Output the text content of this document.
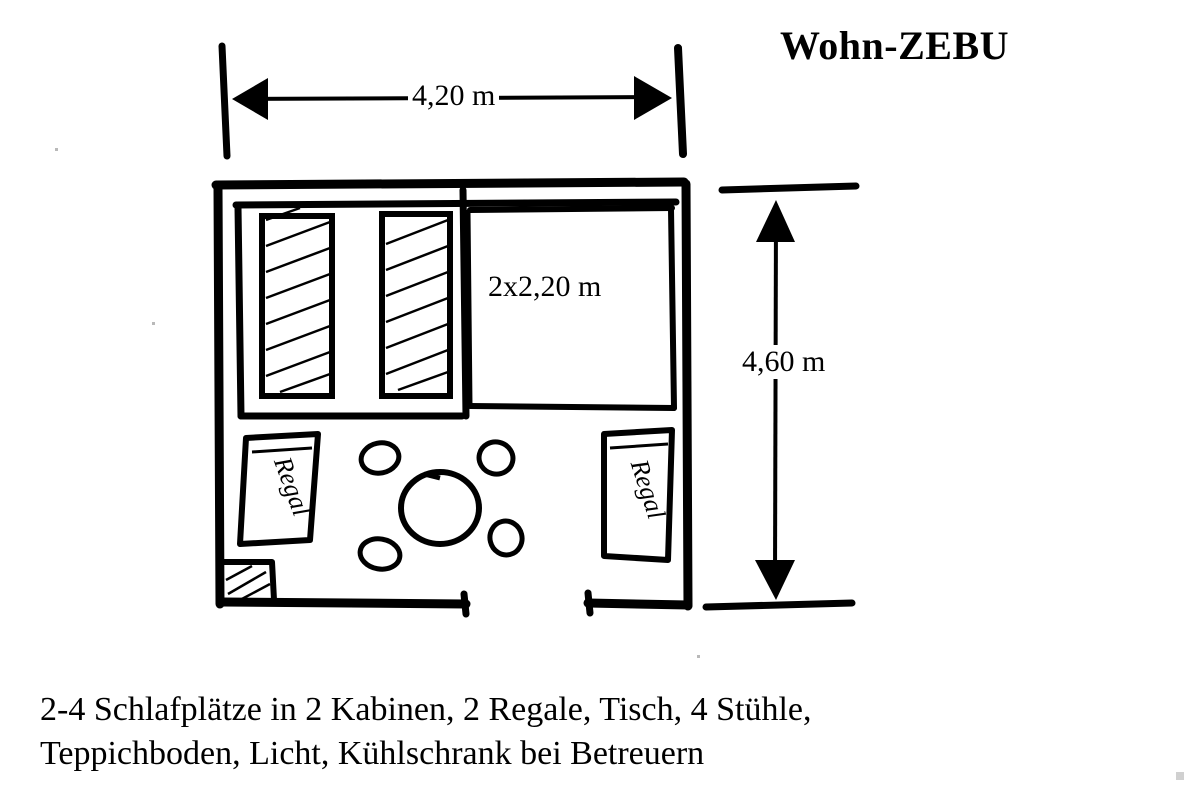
Wohn-ZEBU
Regal	Regal
4,20 m
4,60 m
2x2,20 m
2-4 Schlafplätze in 2 Kabinen, 2 Regale, Tisch, 4 Stühle,
Teppichboden, Licht, Kühlschrank bei Betreuern
